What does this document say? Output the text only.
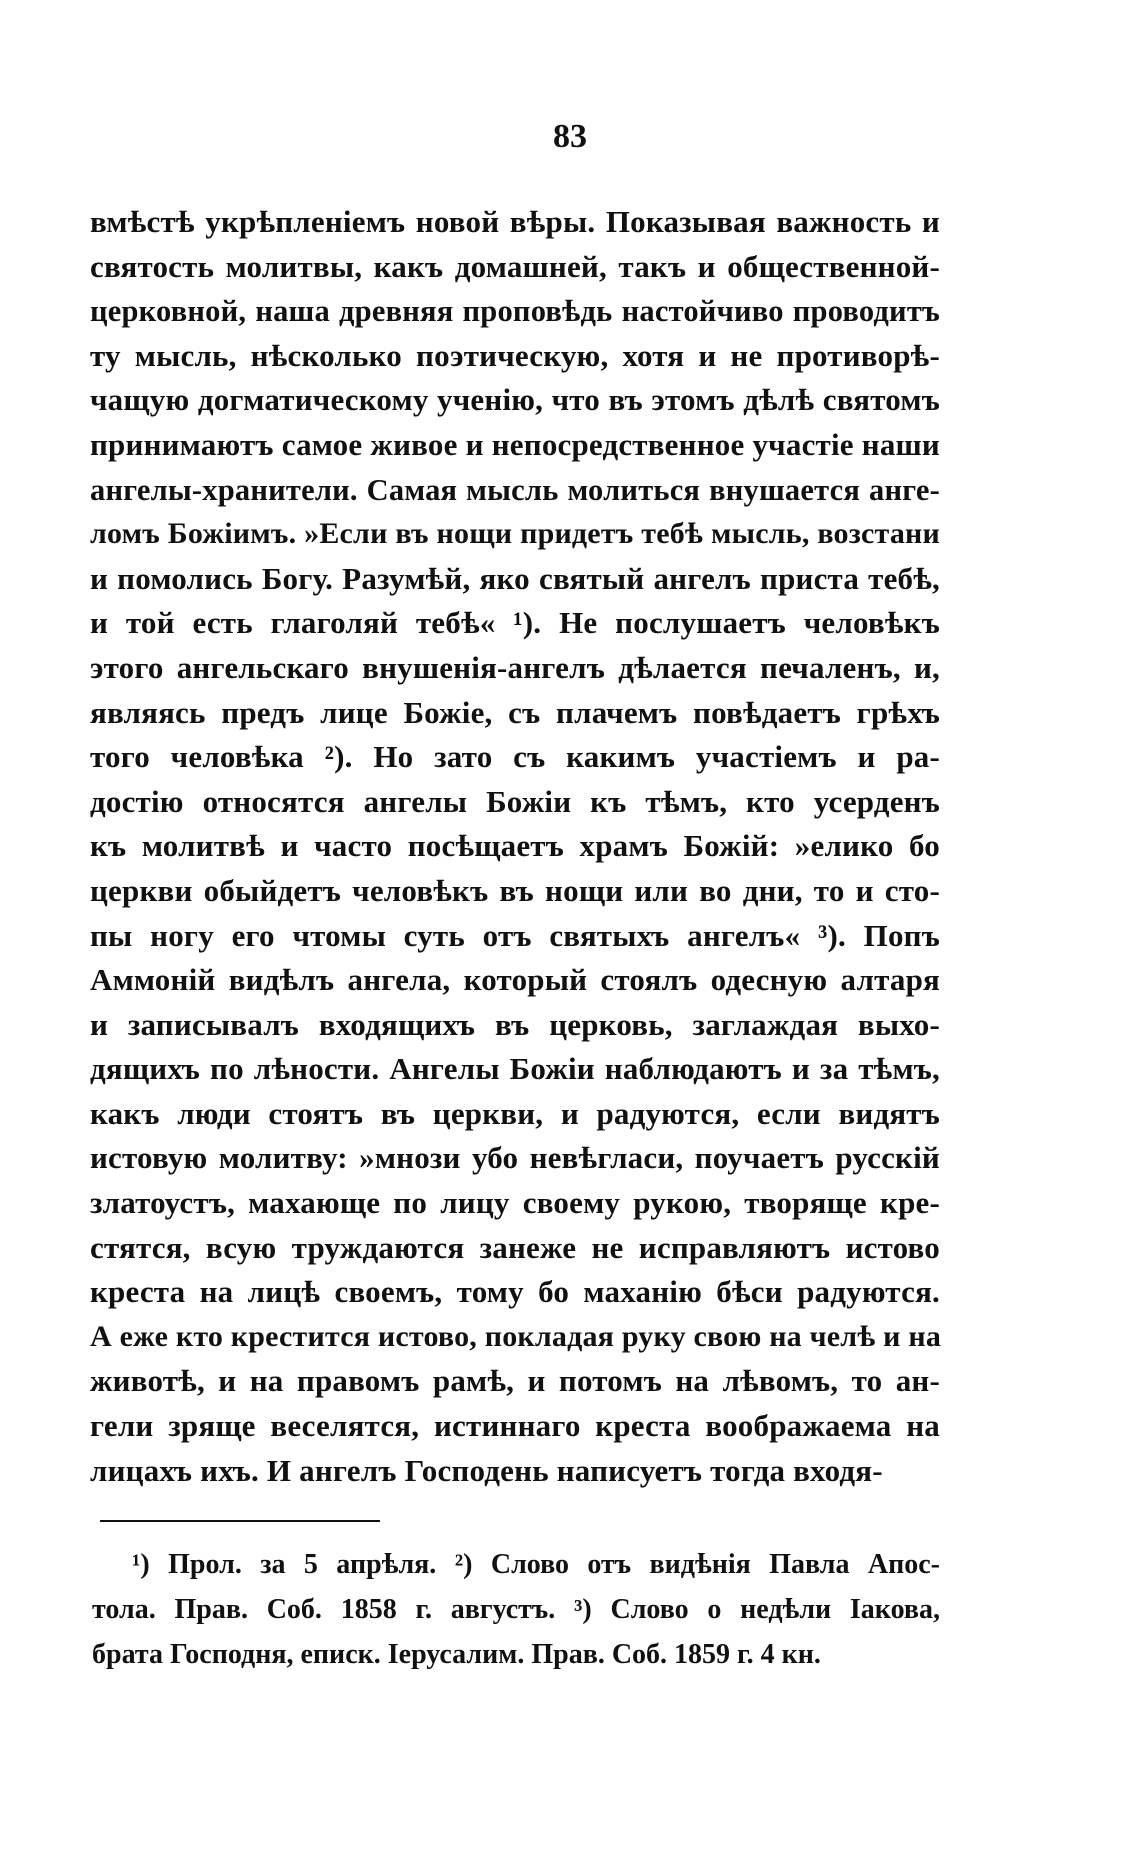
83
вмѣстѣ укрѣпленіемъ новой вѣры. Показывая важность и
святость молитвы, какъ домашней, такъ и общественной-
церковной, наша древняя проповѣдь настойчиво проводитъ
ту мысль, нѣсколько поэтическую, хотя и не противорѣ-
чащую догматическому ученію, что въ этомъ дѣлѣ святомъ
принимаютъ самое живое и непосредственное участіе наши
ангелы-хранители. Самая мысль молиться внушается анге-
ломъ Божіимъ. »Если въ нощи придетъ тебѣ мысль, возстани
и помолись Богу. Разумѣй, яко святый ангелъ приста тебѣ,
и той есть глаголяй тебѣ« ¹). Не послушаетъ человѣкъ
этого ангельскаго внушенія-ангелъ дѣлается печаленъ, и,
являясь предъ лице Божіе, съ плачемъ повѣдаетъ грѣхъ
того человѣка ²). Но зато съ какимъ участіемъ и ра-
достію относятся ангелы Божіи къ тѣмъ, кто усерденъ
къ молитвѣ и часто посѣщаетъ храмъ Божій: »елико бо
церкви обыйдетъ человѣкъ въ нощи или во дни, то и сто-
пы ногу его чтомы суть отъ святыхъ ангелъ« ³). Попъ
Аммоній видѣлъ ангела, который стоялъ одесную алтаря
и записывалъ входящихъ въ церковь, заглаждая выхо-
дящихъ по лѣности. Ангелы Божіи наблюдаютъ и за тѣмъ,
какъ люди стоятъ въ церкви, и радуются, если видятъ
истовую молитву: »мнози убо невѣгласи, поучаетъ русскій
златоустъ, махающе по лицу своему рукою, творяще кре-
стятся, всую труждаются занеже не исправляютъ истово
креста на лицѣ своемъ, тому бо маханію бѣси радуются.
А еже кто крестится истово, покладая руку свою на челѣ и на
животѣ, и на правомъ рамѣ, и потомъ на лѣвомъ, то ан-
гели зряще веселятся, истиннаго креста воображаема на
лицахъ ихъ. И ангелъ Господень написуетъ тогда входя-
¹) Прол. за 5 апрѣля. ²) Слово отъ видѣнія Павла Апос-
тола. Прав. Соб. 1858 г. августъ. ³) Слово о недѣли Іакова,
брата Господня, епиcк. Іерусалим. Прав. Соб. 1859 г. 4 кн.
